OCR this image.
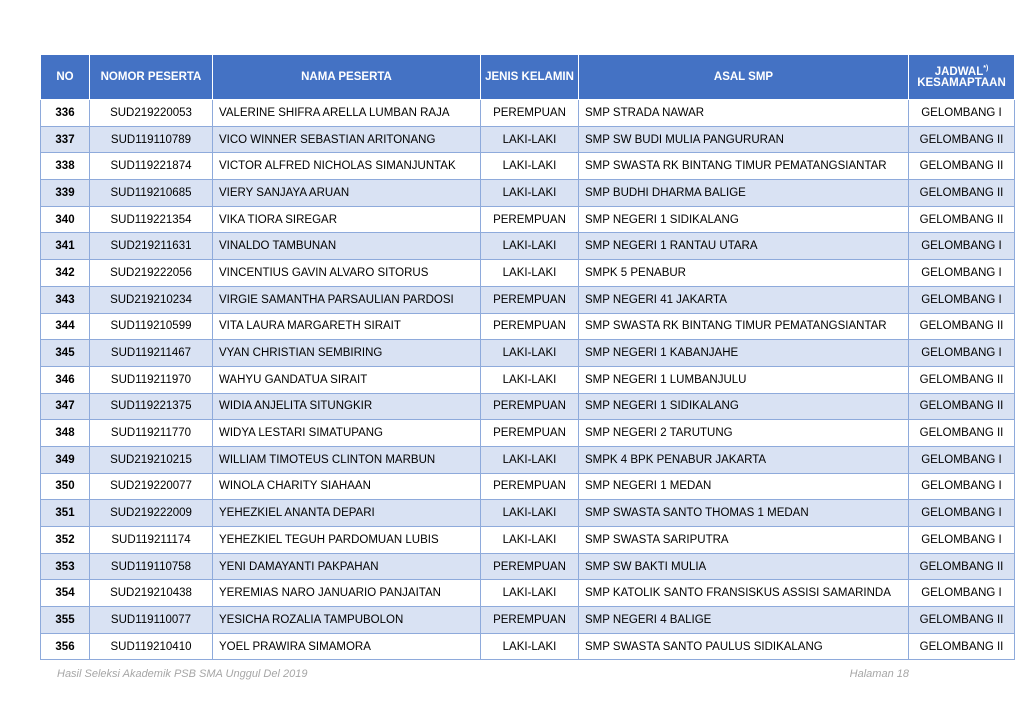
NO	NOMOR PESERTA	NAMA PESERTA	JENIS KELAMIN	ASAL SMP	JADWAL*)
KESAMAPTAAN
336	SUD219220053	VALERINE SHIFRA ARELLA LUMBAN RAJA	PEREMPUAN	SMP STRADA NAWAR	GELOMBANG I
337	SUD119110789	VICO WINNER SEBASTIAN ARITONANG	LAKI-LAKI	SMP SW BUDI MULIA PANGURURAN	GELOMBANG II
338	SUD119221874	VICTOR ALFRED NICHOLAS SIMANJUNTAK	LAKI-LAKI	SMP SWASTA RK BINTANG TIMUR PEMATANGSIANTAR	GELOMBANG II
339	SUD119210685	VIERY SANJAYA ARUAN	LAKI-LAKI	SMP BUDHI DHARMA BALIGE	GELOMBANG II
340	SUD119221354	VIKA TIORA SIREGAR	PEREMPUAN	SMP NEGERI 1 SIDIKALANG	GELOMBANG II
341	SUD219211631	VINALDO TAMBUNAN	LAKI-LAKI	SMP NEGERI 1 RANTAU UTARA	GELOMBANG I
342	SUD219222056	VINCENTIUS GAVIN ALVARO SITORUS	LAKI-LAKI	SMPK 5 PENABUR	GELOMBANG I
343	SUD219210234	VIRGIE SAMANTHA PARSAULIAN PARDOSI	PEREMPUAN	SMP NEGERI 41 JAKARTA	GELOMBANG I
344	SUD119210599	VITA LAURA MARGARETH SIRAIT	PEREMPUAN	SMP SWASTA RK BINTANG TIMUR PEMATANGSIANTAR	GELOMBANG II
345	SUD119211467	VYAN CHRISTIAN SEMBIRING	LAKI-LAKI	SMP NEGERI 1 KABANJAHE	GELOMBANG I
346	SUD119211970	WAHYU GANDATUA SIRAIT	LAKI-LAKI	SMP NEGERI 1 LUMBANJULU	GELOMBANG II
347	SUD119221375	WIDIA ANJELITA SITUNGKIR	PEREMPUAN	SMP NEGERI 1 SIDIKALANG	GELOMBANG II
348	SUD119211770	WIDYA LESTARI SIMATUPANG	PEREMPUAN	SMP NEGERI 2 TARUTUNG	GELOMBANG II
349	SUD219210215	WILLIAM TIMOTEUS CLINTON MARBUN	LAKI-LAKI	SMPK 4 BPK PENABUR JAKARTA	GELOMBANG I
350	SUD219220077	WINOLA CHARITY SIAHAAN	PEREMPUAN	SMP NEGERI 1 MEDAN	GELOMBANG I
351	SUD219222009	YEHEZKIEL ANANTA DEPARI	LAKI-LAKI	SMP SWASTA SANTO THOMAS 1 MEDAN	GELOMBANG I
352	SUD119211174	YEHEZKIEL TEGUH PARDOMUAN LUBIS	LAKI-LAKI	SMP SWASTA SARIPUTRA	GELOMBANG I
353	SUD119110758	YENI DAMAYANTI PAKPAHAN	PEREMPUAN	SMP SW BAKTI MULIA	GELOMBANG II
354	SUD219210438	YEREMIAS NARO JANUARIO PANJAITAN	LAKI-LAKI	SMP KATOLIK SANTO FRANSISKUS ASSISI SAMARINDA	GELOMBANG I
355	SUD119110077	YESICHA ROZALIA TAMPUBOLON	PEREMPUAN	SMP NEGERI 4 BALIGE	GELOMBANG II
356	SUD119210410	YOEL PRAWIRA SIMAMORA	LAKI-LAKI	SMP SWASTA SANTO PAULUS SIDIKALANG	GELOMBANG II
Hasil Seleksi Akademik PSB SMA Unggul Del 2019	Halaman 18
